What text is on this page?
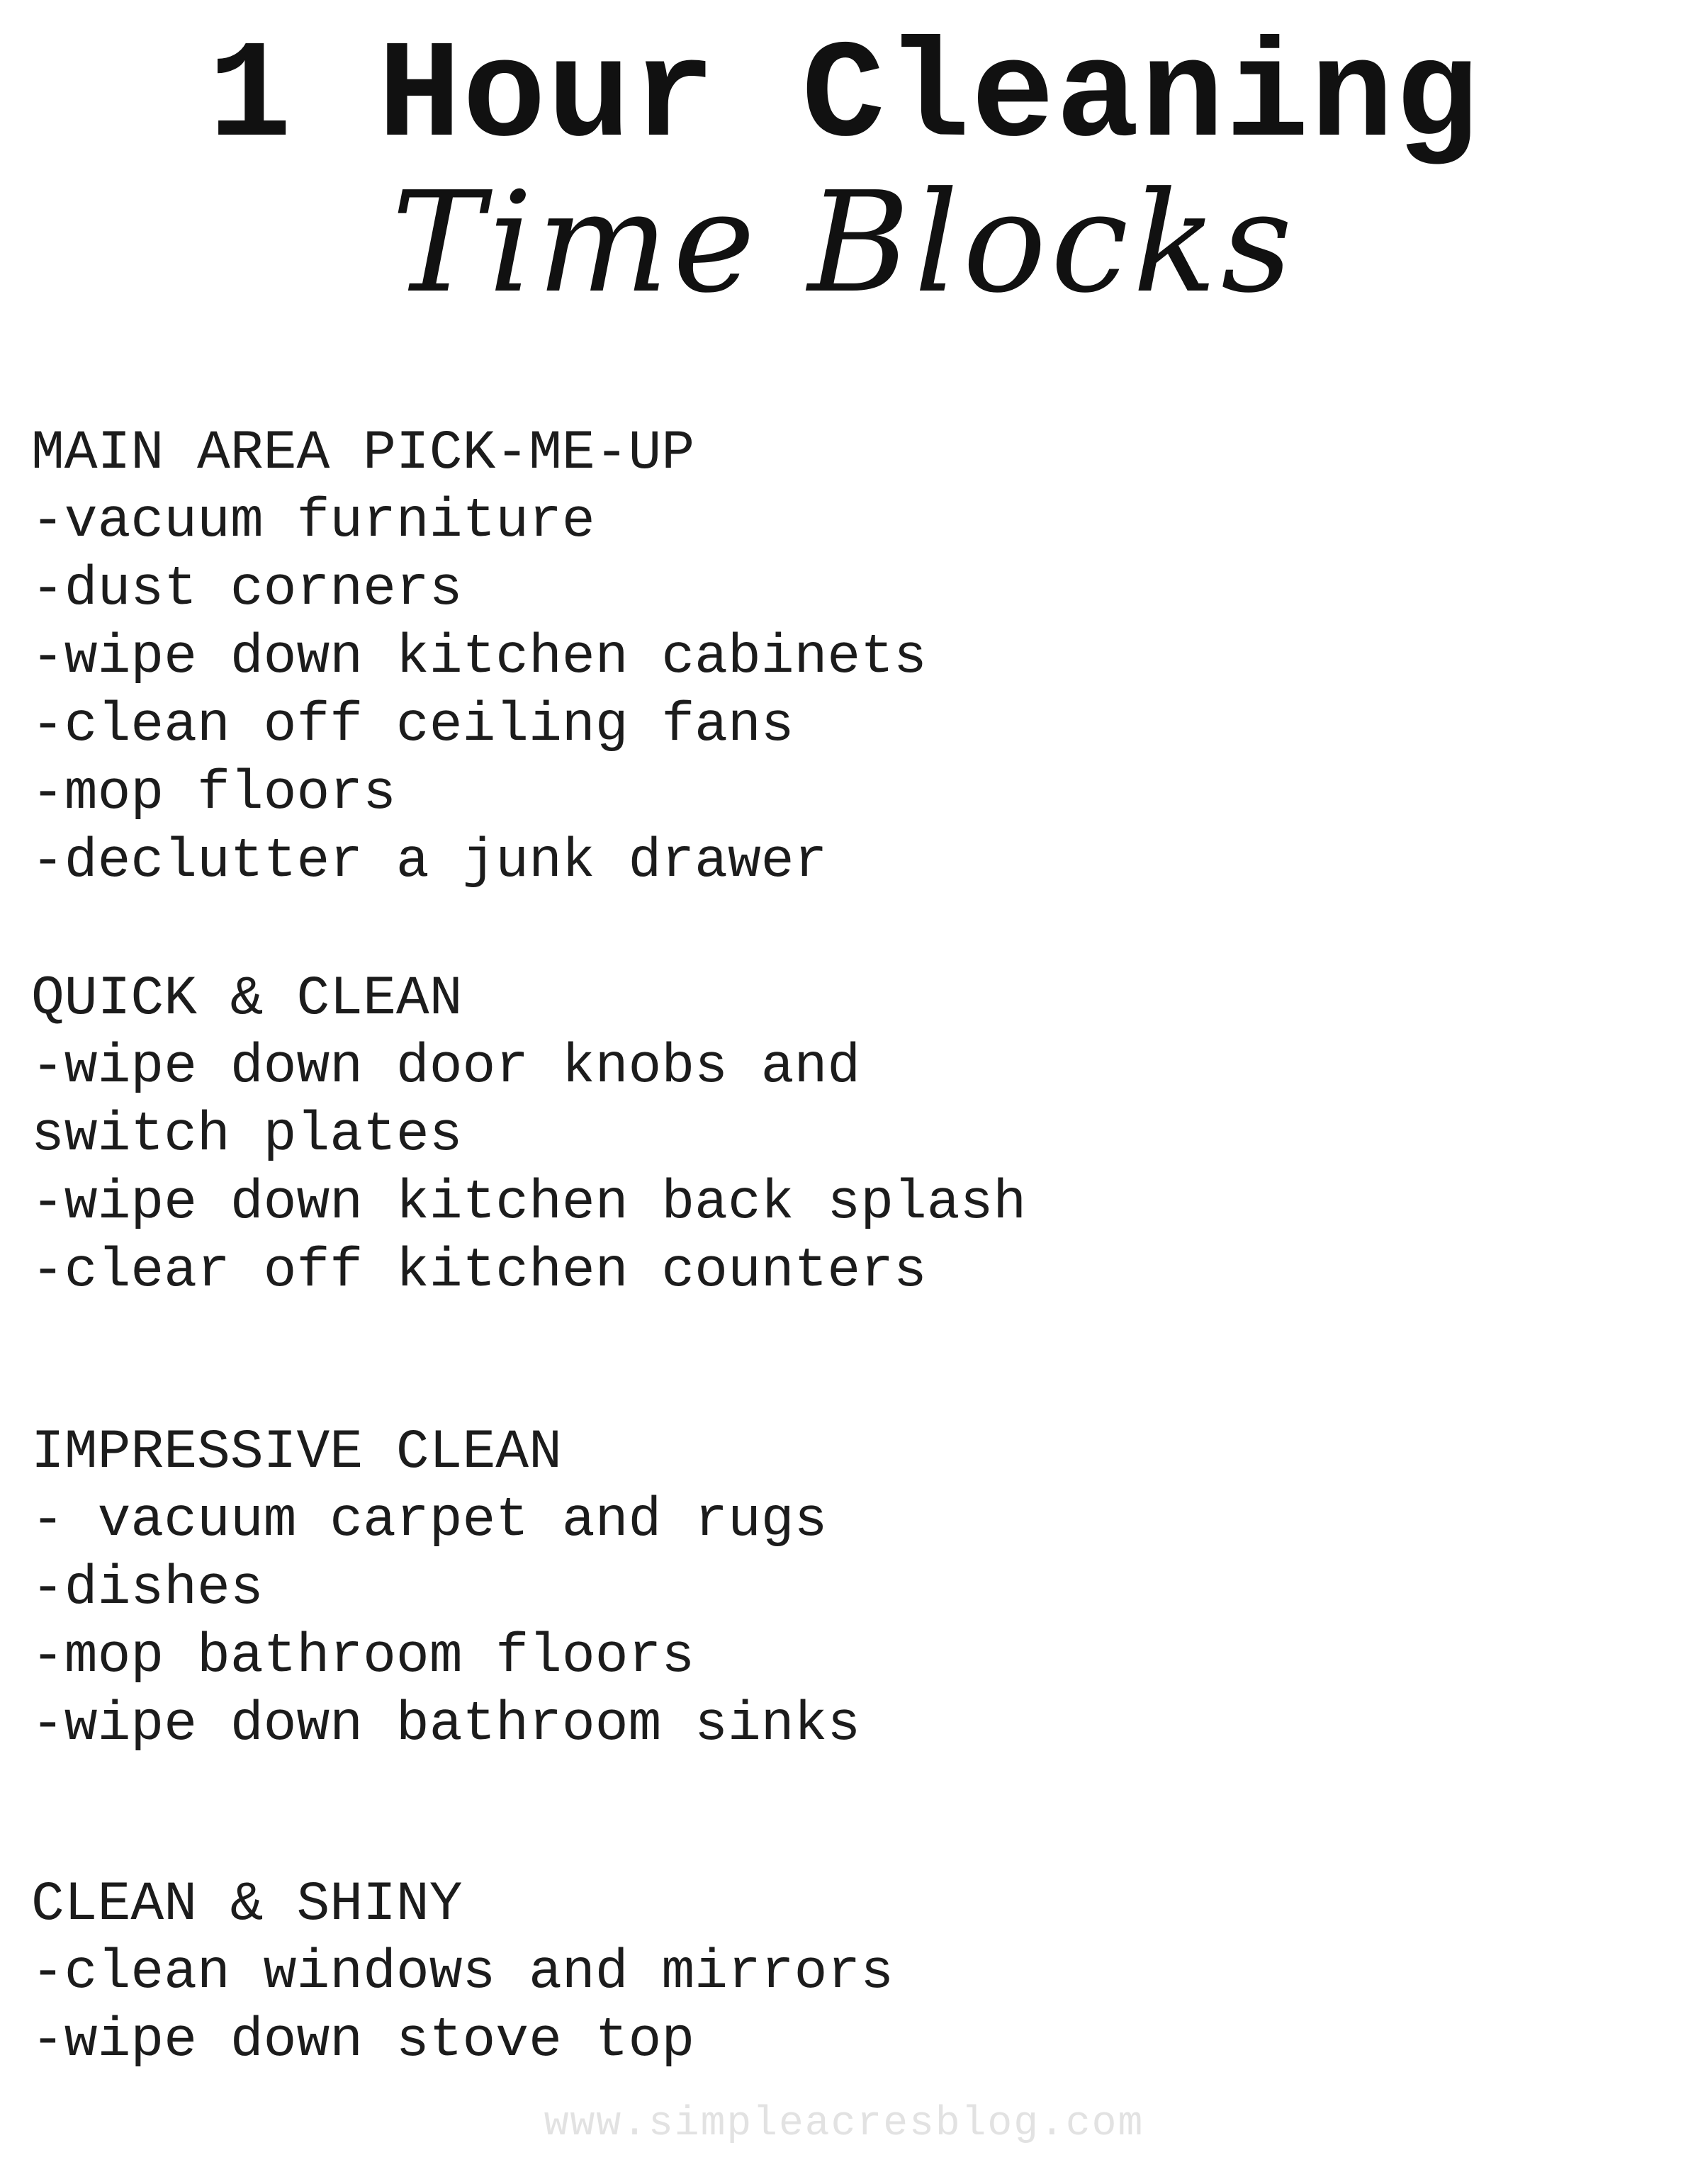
1 Hour Cleaning
Time Blocks
MAIN AREA PICK-ME-UP
-vacuum furniture
-dust corners
-wipe down kitchen cabinets
-clean off ceiling fans
-mop floors
-declutter a junk drawer
QUICK & CLEAN
-wipe down door knobs and switch plates
-wipe down kitchen back splash
-clear off kitchen counters
IMPRESSIVE CLEAN
- vacuum carpet and rugs
-dishes
-mop bathroom floors
-wipe down bathroom sinks
CLEAN & SHINY
-clean windows and mirrors
-wipe down stove top
www.simpleacresblog.com
